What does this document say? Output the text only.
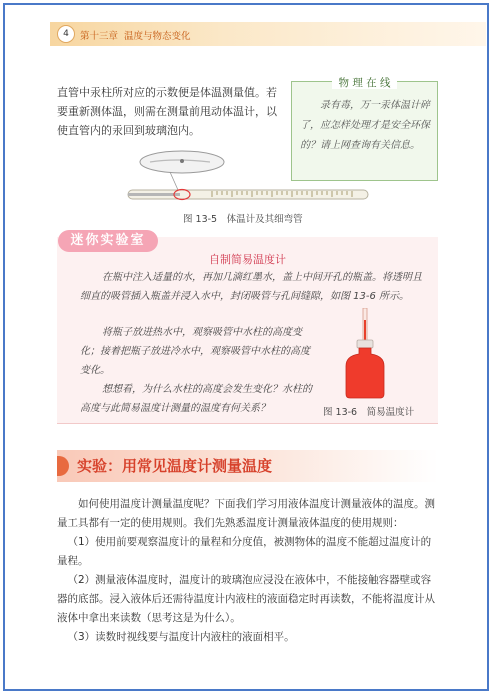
4	第十三章 温度与物态变化
直管中汞柱所对应的示数便是体温测量值。若要重新测体温，则需在测量前甩动体温计，以使直管内的汞回到玻璃泡内。
物 理 在 线
录有毒，万一汞体温计碎了，应怎样处理才是安全环保的？请上网查询有关信息。
图 13-5　体温计及其细弯管
迷你实验室
自制简易温度计
在瓶中注入适量的水，再加几滴红墨水，盖上中间开孔的瓶盖。将透明且细直的吸管插入瓶盖并浸入水中，封闭吸管与孔间缝隙，如图 13-6 所示。
将瓶子放进热水中，观察吸管中水柱的高度变化；接着把瓶子放进冷水中，观察吸管中水柱的高度变化。
想想看，为什么水柱的高度会发生变化？水柱的高度与此简易温度计测量的温度有何关系？	图 13-6　简易温度计
实验：用常见温度计测量温度
如何使用温度计测量温度呢？下面我们学习用液体温度计测量液体的温度。测量工具都有一定的使用规则。我们先熟悉温度计测量液体温度的使用规则：
（1）使用前要观察温度计的量程和分度值，被测物体的温度不能超过温度计的量程。
（2）测量液体温度时，温度计的玻璃泡应浸没在液体中，不能接触容器壁或容器的底部。浸入液体后还需待温度计内液柱的液面稳定时再读数，不能将温度计从液体中拿出来读数（思考这是为什么）。
（3）读数时视线要与温度计内液柱的液面相平。
